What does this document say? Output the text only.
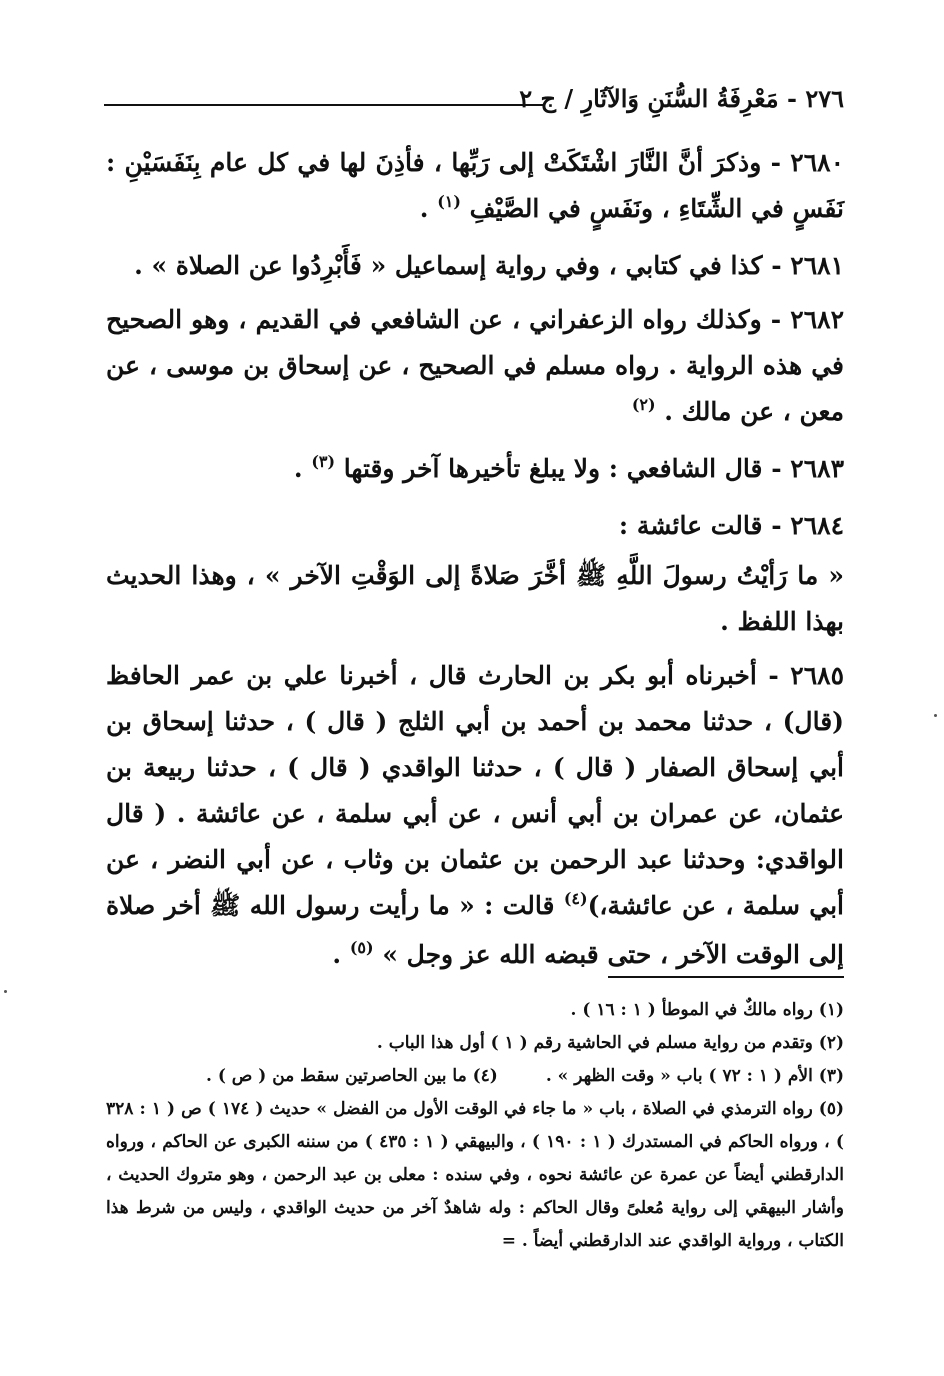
٢٧٦ - مَعْرِفَةُ السُّنَنِ وَالآثَارِ / ج ٢

٢٦٨٠ - وذكرَ أنَّ النَّارَ اشْتَكَتْ إلى رَبِّها ، فأذِنَ لها في كل عام بِنَفَسَيْنِ : نَفَسٍ في الشِّتَاءِ ، ونَفَسٍ في الصَّيْفِ $^{(١)}$ .

٢٦٨١ - كذا في كتابي ، وفي رواية إسماعيل « فَأَبْرِدُوا عن الصلاة » .

٢٦٨٢ - وكذلك رواه الزعفراني ، عن الشافعي في القديم ، وهو الصحيح في هذه الرواية . رواه مسلم في الصحيح ، عن إسحاق بن موسى ، عن معن ، عن مالك . $^{(٢)}$

٢٦٨٣ - قال الشافعي : ولا يبلغ تأخيرها آخر وقتها $^{(٣)}$ .

٢٦٨٤ - قالت عائشة :

« ما رَأيْتُ رسولَ اللَّهِ ﷺ أخَّرَ صَلاةً إلى الوَقْتِ الآخر » ، وهذا الحديث بهذا اللفظ .

٢٦٨٥ - أخبرناه أبو بكر بن الحارث قال ، أخبرنا علي بن عمر الحافظ (قال) ، حدثنا محمد بن أحمد بن أبي الثلج ( قال ) ، حدثنا إسحاق بن أبي إسحاق الصفار ( قال ) ، حدثنا الواقدي ( قال ) ، حدثنا ربيعة بن عثمان، عن عمران بن أبي أنس ، عن أبي سلمة ، عن عائشة . ( قال الواقدي: وحدثنا عبد الرحمن بن عثمان بن وثاب ، عن أبي النضر ، عن أبي سلمة ، عن عائشة،)$^{(٤)}$ قالت : « ما رأيت رسول الله ﷺ أخر صلاة إلى الوقت الآخر ، حتى قبضه الله عز وجل » $^{(٥)}$ .

(١) رواه مالكٌ في الموطأ ( ١ : ١٦ ) .

(٢) وتقدم من رواية مسلم في الحاشية رقم ( ١ ) أول هذا الباب .

(٣) الأم ( ١ : ٧٢ ) باب « وقت الظهر » .
(٤) ما بين الحاصرتين سقط من ( ص ) .

(٥) رواه الترمذي في الصلاة ، باب « ما جاء في الوقت الأول من الفضل » حديث ( ١٧٤ ) ص ( ١ : ٣٢٨ ) ، ورواه الحاكم في المستدرك ( ١ : ١٩٠ ) ، والبيهقي ( ١ : ٤٣٥ ) من سننه الكبرى عن الحاكم ، ورواه الدارقطني أيضاً عن عمرة عن عائشة نحوه ، وفي سنده : معلى بن عبد الرحمن ، وهو متروك الحديث ، وأشار البيهقي إلى رواية مُعلىً وقال الحاكم : وله شاهدٌ آخر من حديث الواقدي ، وليس من شرط هذا الكتاب ، ورواية الواقدي عند الدارقطني أيضاً . =
